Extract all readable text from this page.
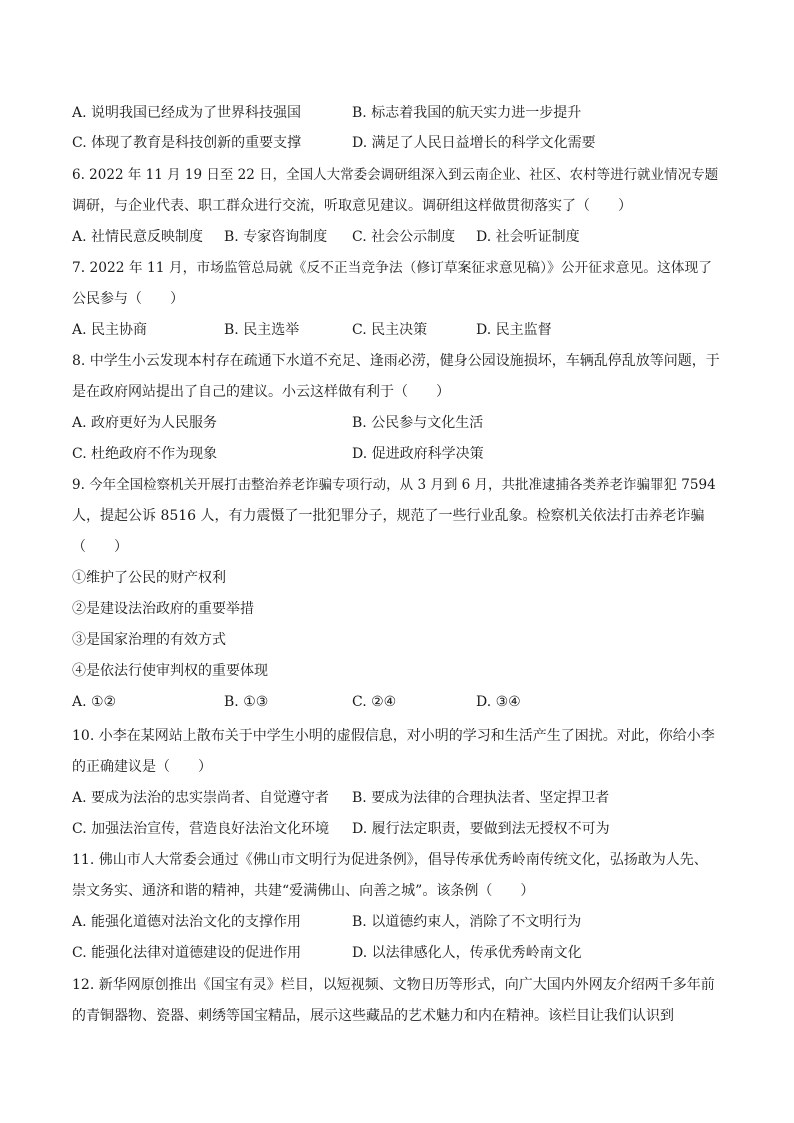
A. 说明我国已经成为了世界科技强国	B. 标志着我国的航天实力进一步提升
C. 体现了教育是科技创新的重要支撑	D. 满足了人民日益增长的科学文化需要
6. 2022 年 11 月 19 日至 22 日，全国人大常委会调研组深入到云南企业、社区、农村等进行就业情况专题
调研，与企业代表、职工群众进行交流，听取意见建议。调研组这样做贯彻落实了（　　）
A. 社情民意反映制度 B. 专家咨询制度 C. 社会公示制度 D. 社会听证制度
7. 2022 年 11 月，市场监管总局就《反不正当竞争法（修订草案征求意见稿）》公开征求意见。这体现了
公民参与（　　）
A. 民主协商	B. 民主选举	C. 民主决策	D. 民主监督
8. 中学生小云发现本村存在疏通下水道不充足、逢雨必涝，健身公园设施损坏，车辆乱停乱放等问题，于
是在政府网站提出了自己的建议。小云这样做有利于（　　）
A. 政府更好为人民服务	B. 公民参与文化生活
C. 杜绝政府不作为现象	D. 促进政府科学决策
9. 今年全国检察机关开展打击整治养老诈骗专项行动，从 3 月到 6 月，共批准逮捕各类养老诈骗罪犯 7594
人，提起公诉 8516 人，有力震慑了一批犯罪分子，规范了一些行业乱象。检察机关依法打击养老诈骗
（　　）
①维护了公民的财产权利
②是建设法治政府的重要举措
③是国家治理的有效方式
④是依法行使审判权的重要体现
A. ①②	B. ①③	C. ②④	D. ③④
10. 小李在某网站上散布关于中学生小明的虚假信息，对小明的学习和生活产生了困扰。对此，你给小李
的正确建议是（　　）
A. 要成为法治的忠实崇尚者、自觉遵守者 B. 要成为法律的合理执法者、坚定捍卫者
C. 加强法治宣传，营造良好法治文化环境 D. 履行法定职责，要做到法无授权不可为
11. 佛山市人大常委会通过《佛山市文明行为促进条例》，倡导传承优秀岭南传统文化，弘扬敢为人先、
崇文务实、通济和谐的精神，共建“爱满佛山、向善之城”。该条例（　　）
A. 能强化道德对法治文化的支撑作用	B. 以道德约束人，消除了不文明行为
C. 能强化法律对道德建设的促进作用	D. 以法律感化人，传承优秀岭南文化
12. 新华网原创推出《国宝有灵》栏目，以短视频、文物日历等形式，向广大国内外网友介绍两千多年前
的青铜器物、瓷器、刺绣等国宝精品，展示这些藏品的艺术魅力和内在精神。该栏目让我们认识到
